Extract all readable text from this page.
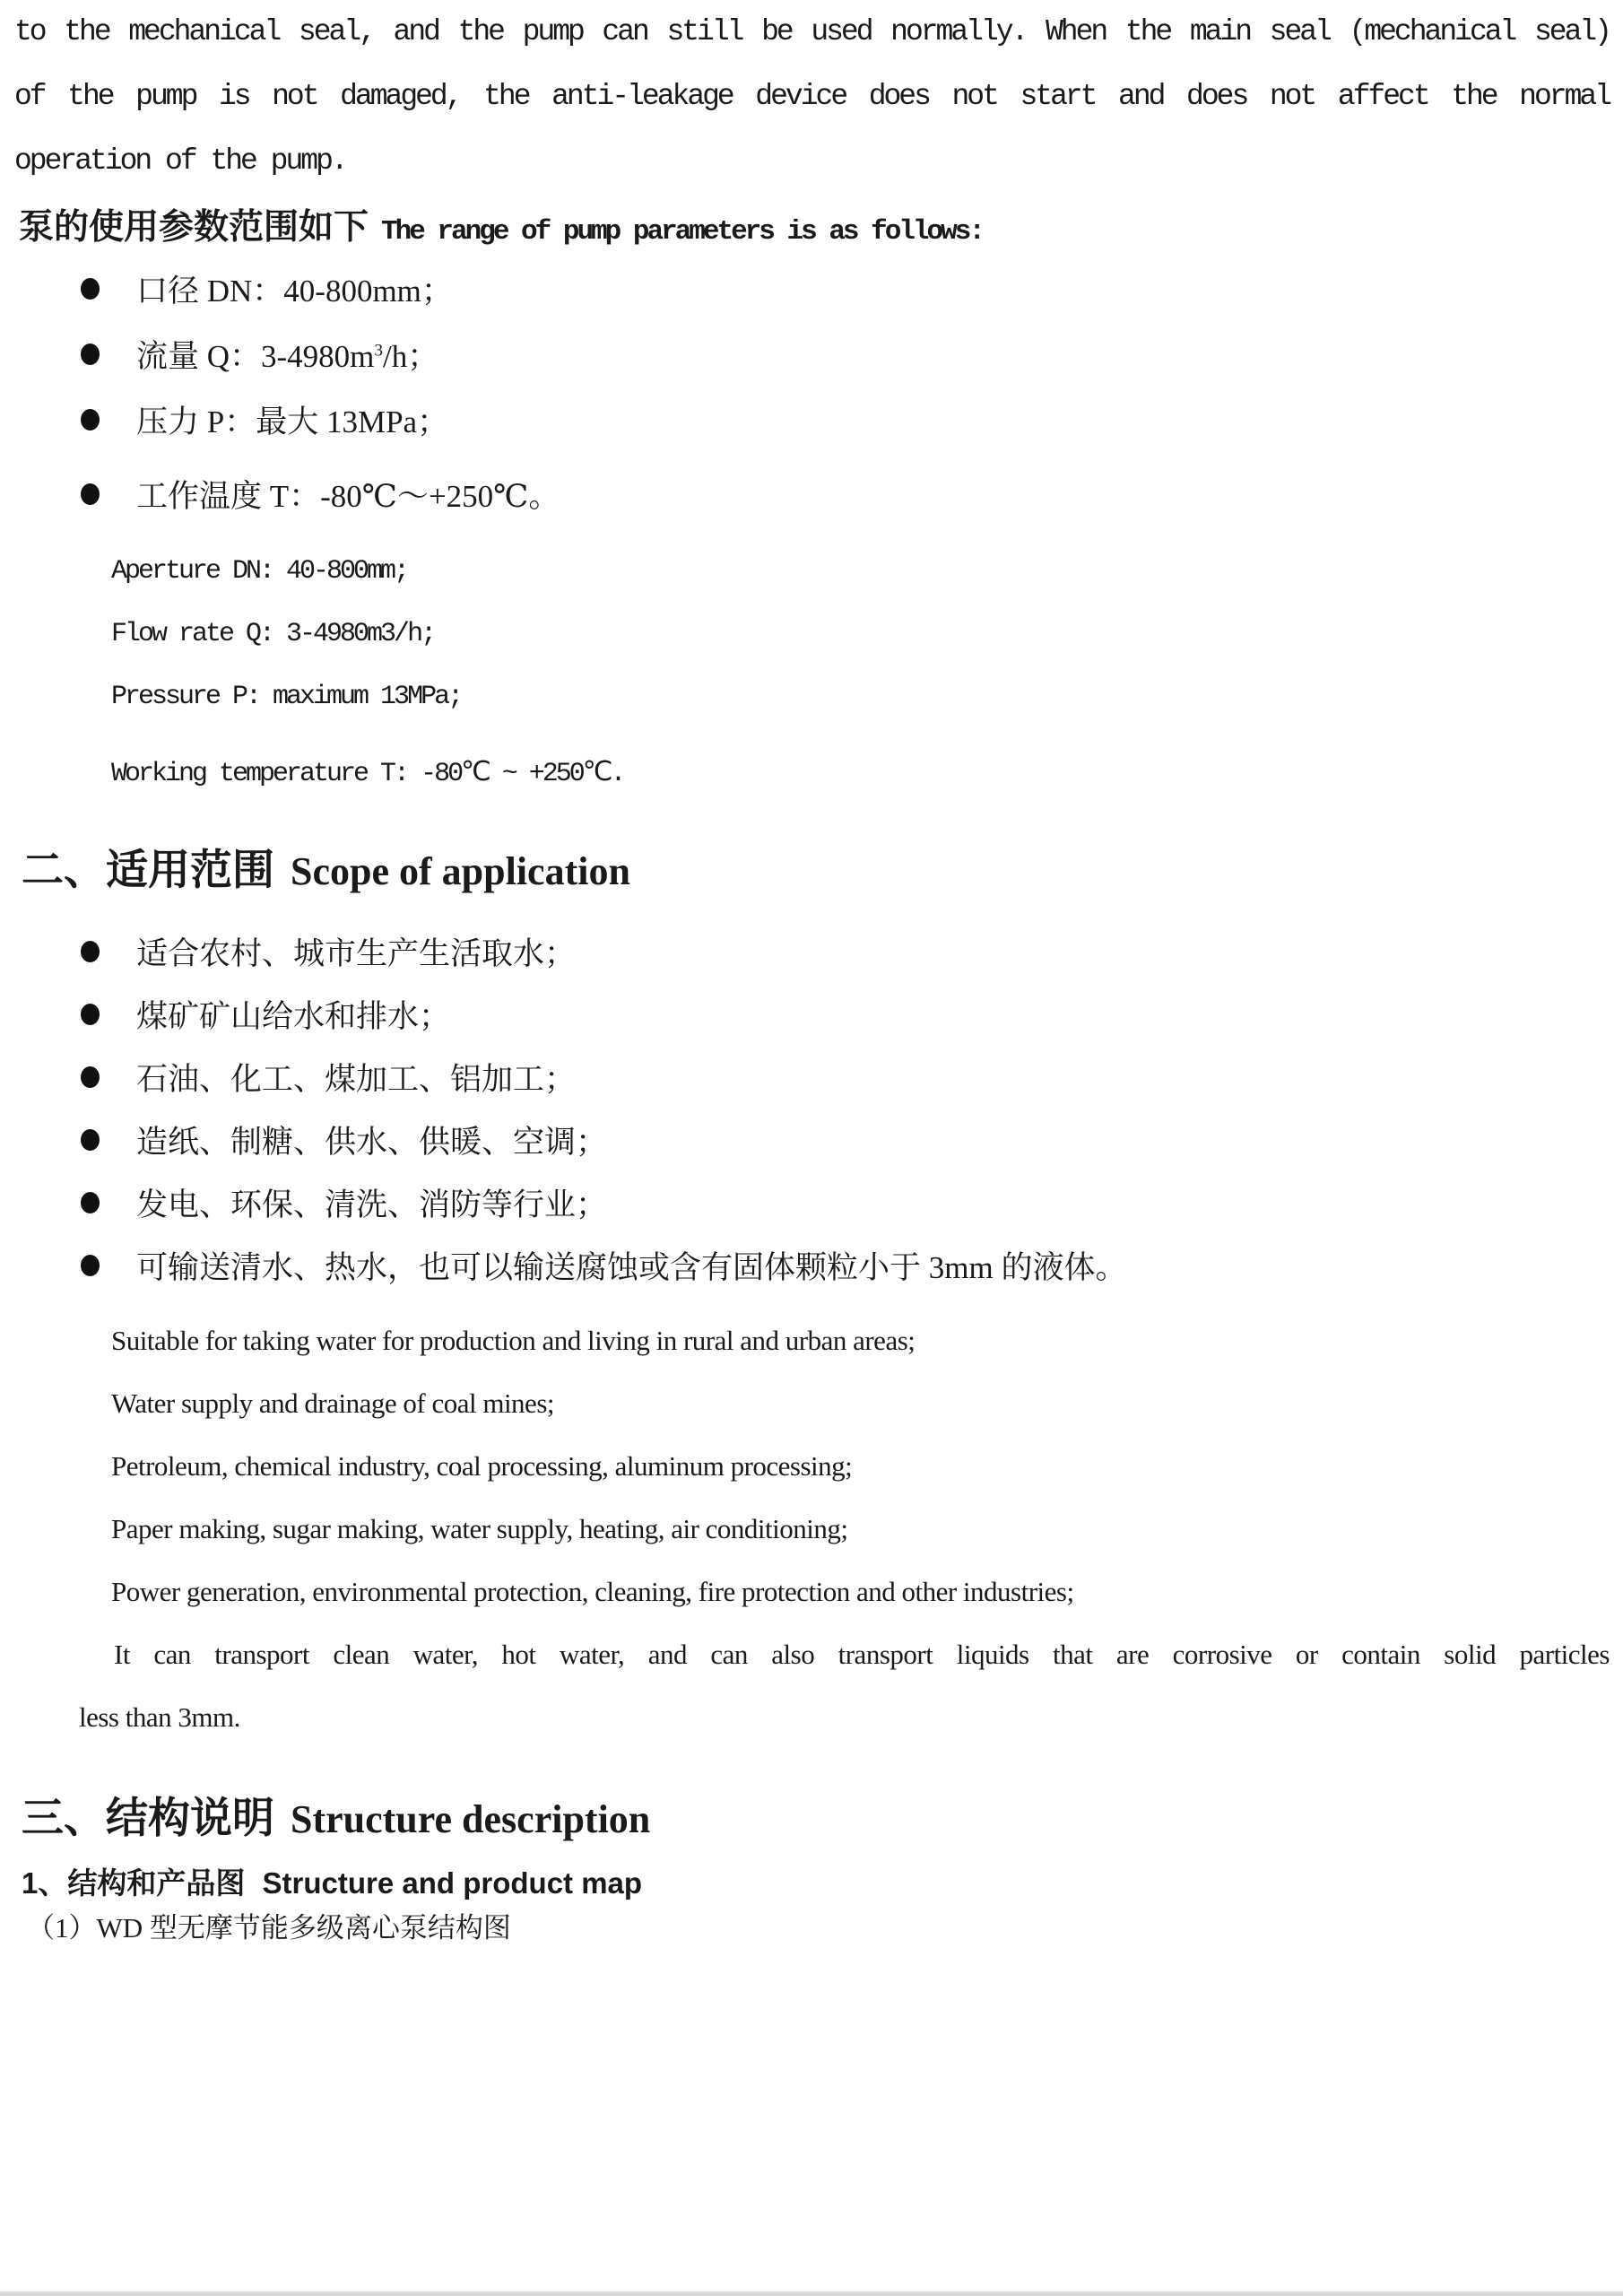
to the mechanical seal, and the pump can still be used normally. When the main seal (mechanical seal)
of the pump is not damaged, the anti-leakage device does not start and does not affect the normal
operation of the pump.
泵的使用参数范围如下 The range of pump parameters is as follows:
口径 DN：40-800mm；
流量 Q：$3-4980m^3/h$；
压力 P：最大 13MPa；
工作温度 T：-80℃～+250℃。
Aperture DN: 40-800mm;
Flow rate Q: 3-4980m3/h;
Pressure P: maximum 13MPa;
Working temperature T: -80℃ ~ +250℃.
二、适用范围 Scope of application
适合农村、城市生产生活取水；
煤矿矿山给水和排水；
石油、化工、煤加工、铝加工；
造纸、制糖、供水、供暖、空调；
发电、环保、清洗、消防等行业；
可输送清水、热水，也可以输送腐蚀或含有固体颗粒小于 3mm 的液体。
Suitable for taking water for production and living in rural and urban areas;
Water supply and drainage of coal mines;
Petroleum, chemical industry, coal processing, aluminum processing;
Paper making, sugar making, water supply, heating, air conditioning;
Power generation, environmental protection, cleaning, fire protection and other industries;
It can transport clean water, hot water, and can also transport liquids that are corrosive or contain solid particles
less than 3mm.
三、结构说明 Structure description
1、结构和产品图 Structure and product map
（1）WD 型无摩节能多级离心泵结构图
